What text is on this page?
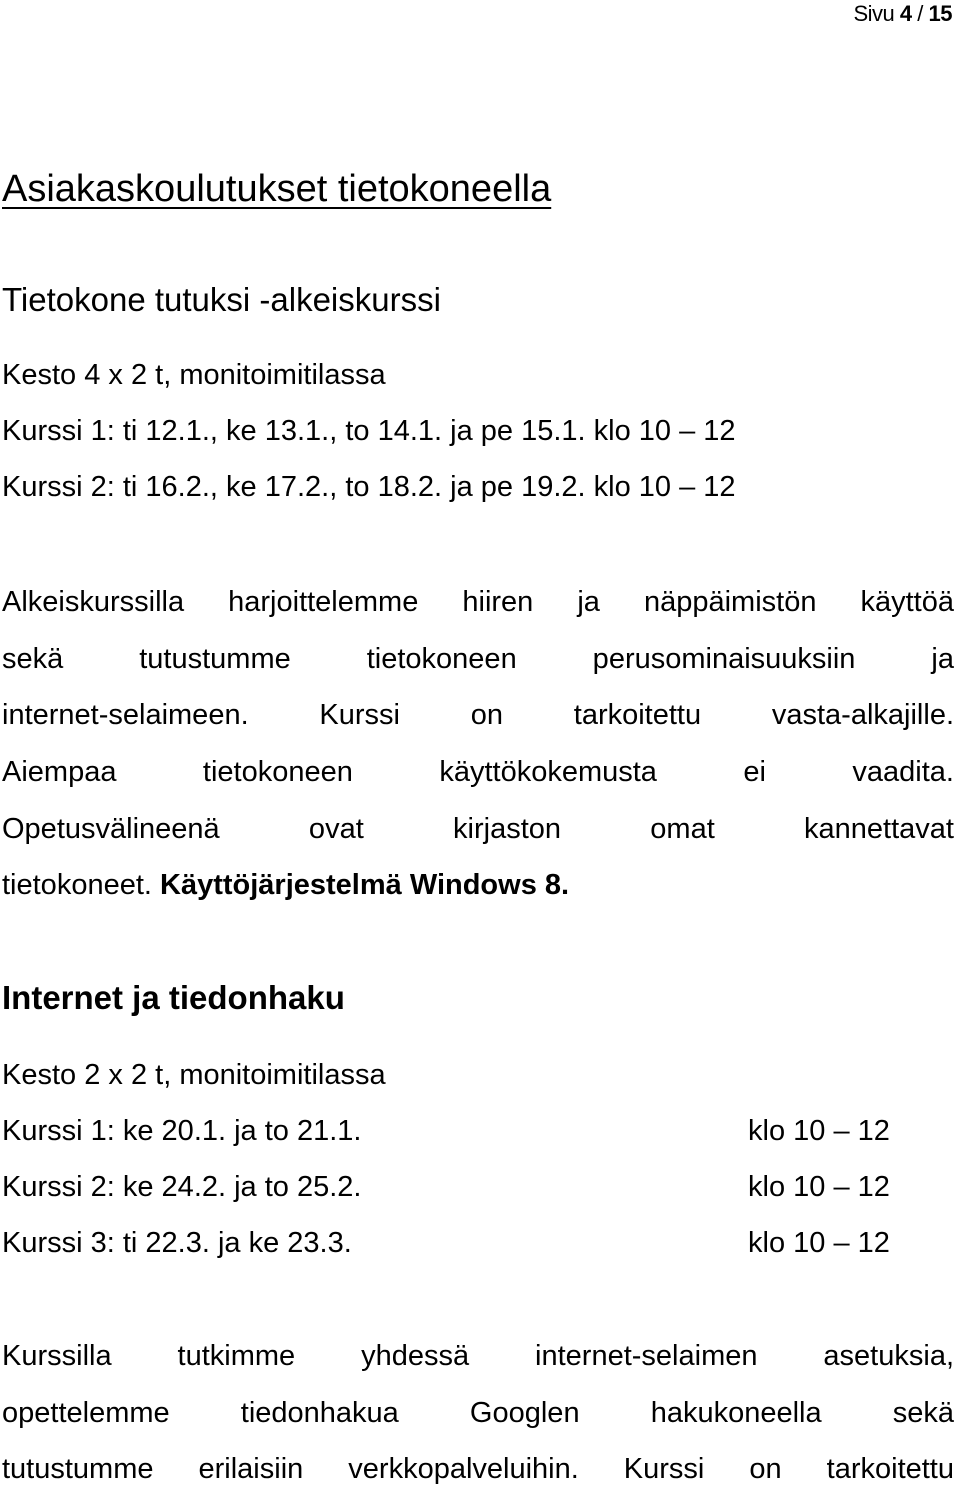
Sivu 4 / 15
Asiakaskoulutukset tietokoneella
Tietokone tutuksi -alkeiskurssi
Kesto 4 x 2 t, monitoimitilassa
Kurssi 1: ti 12.1., ke 13.1., to 14.1. ja pe 15.1. klo 10 – 12
Kurssi 2: ti 16.2., ke 17.2., to 18.2. ja pe 19.2. klo 10 – 12
Alkeiskurssilla harjoittelemme hiiren ja näppäimistön käyttöä
sekä tutustumme tietokoneen perusominaisuuksiin ja
internet-selaimeen. Kurssi on tarkoitettu vasta-alkajille.
Aiempaa tietokoneen käyttökokemusta ei vaadita.
Opetusvälineenä ovat kirjaston omat kannettavat
tietokoneet. Käyttöjärjestelmä Windows 8.
Internet ja tiedonhaku
Kesto 2 x 2 t, monitoimitilassa
Kurssi 1: ke 20.1. ja to 21.1.	klo 10 – 12
Kurssi 2: ke 24.2. ja to 25.2.	klo 10 – 12
Kurssi 3: ti 22.3. ja ke 23.3.	klo 10 – 12
Kurssilla tutkimme yhdessä internet-selaimen asetuksia,
opettelemme tiedonhakua Googlen hakukoneella sekä
tutustumme erilaisiin verkkopalveluihin. Kurssi on tarkoitettu
